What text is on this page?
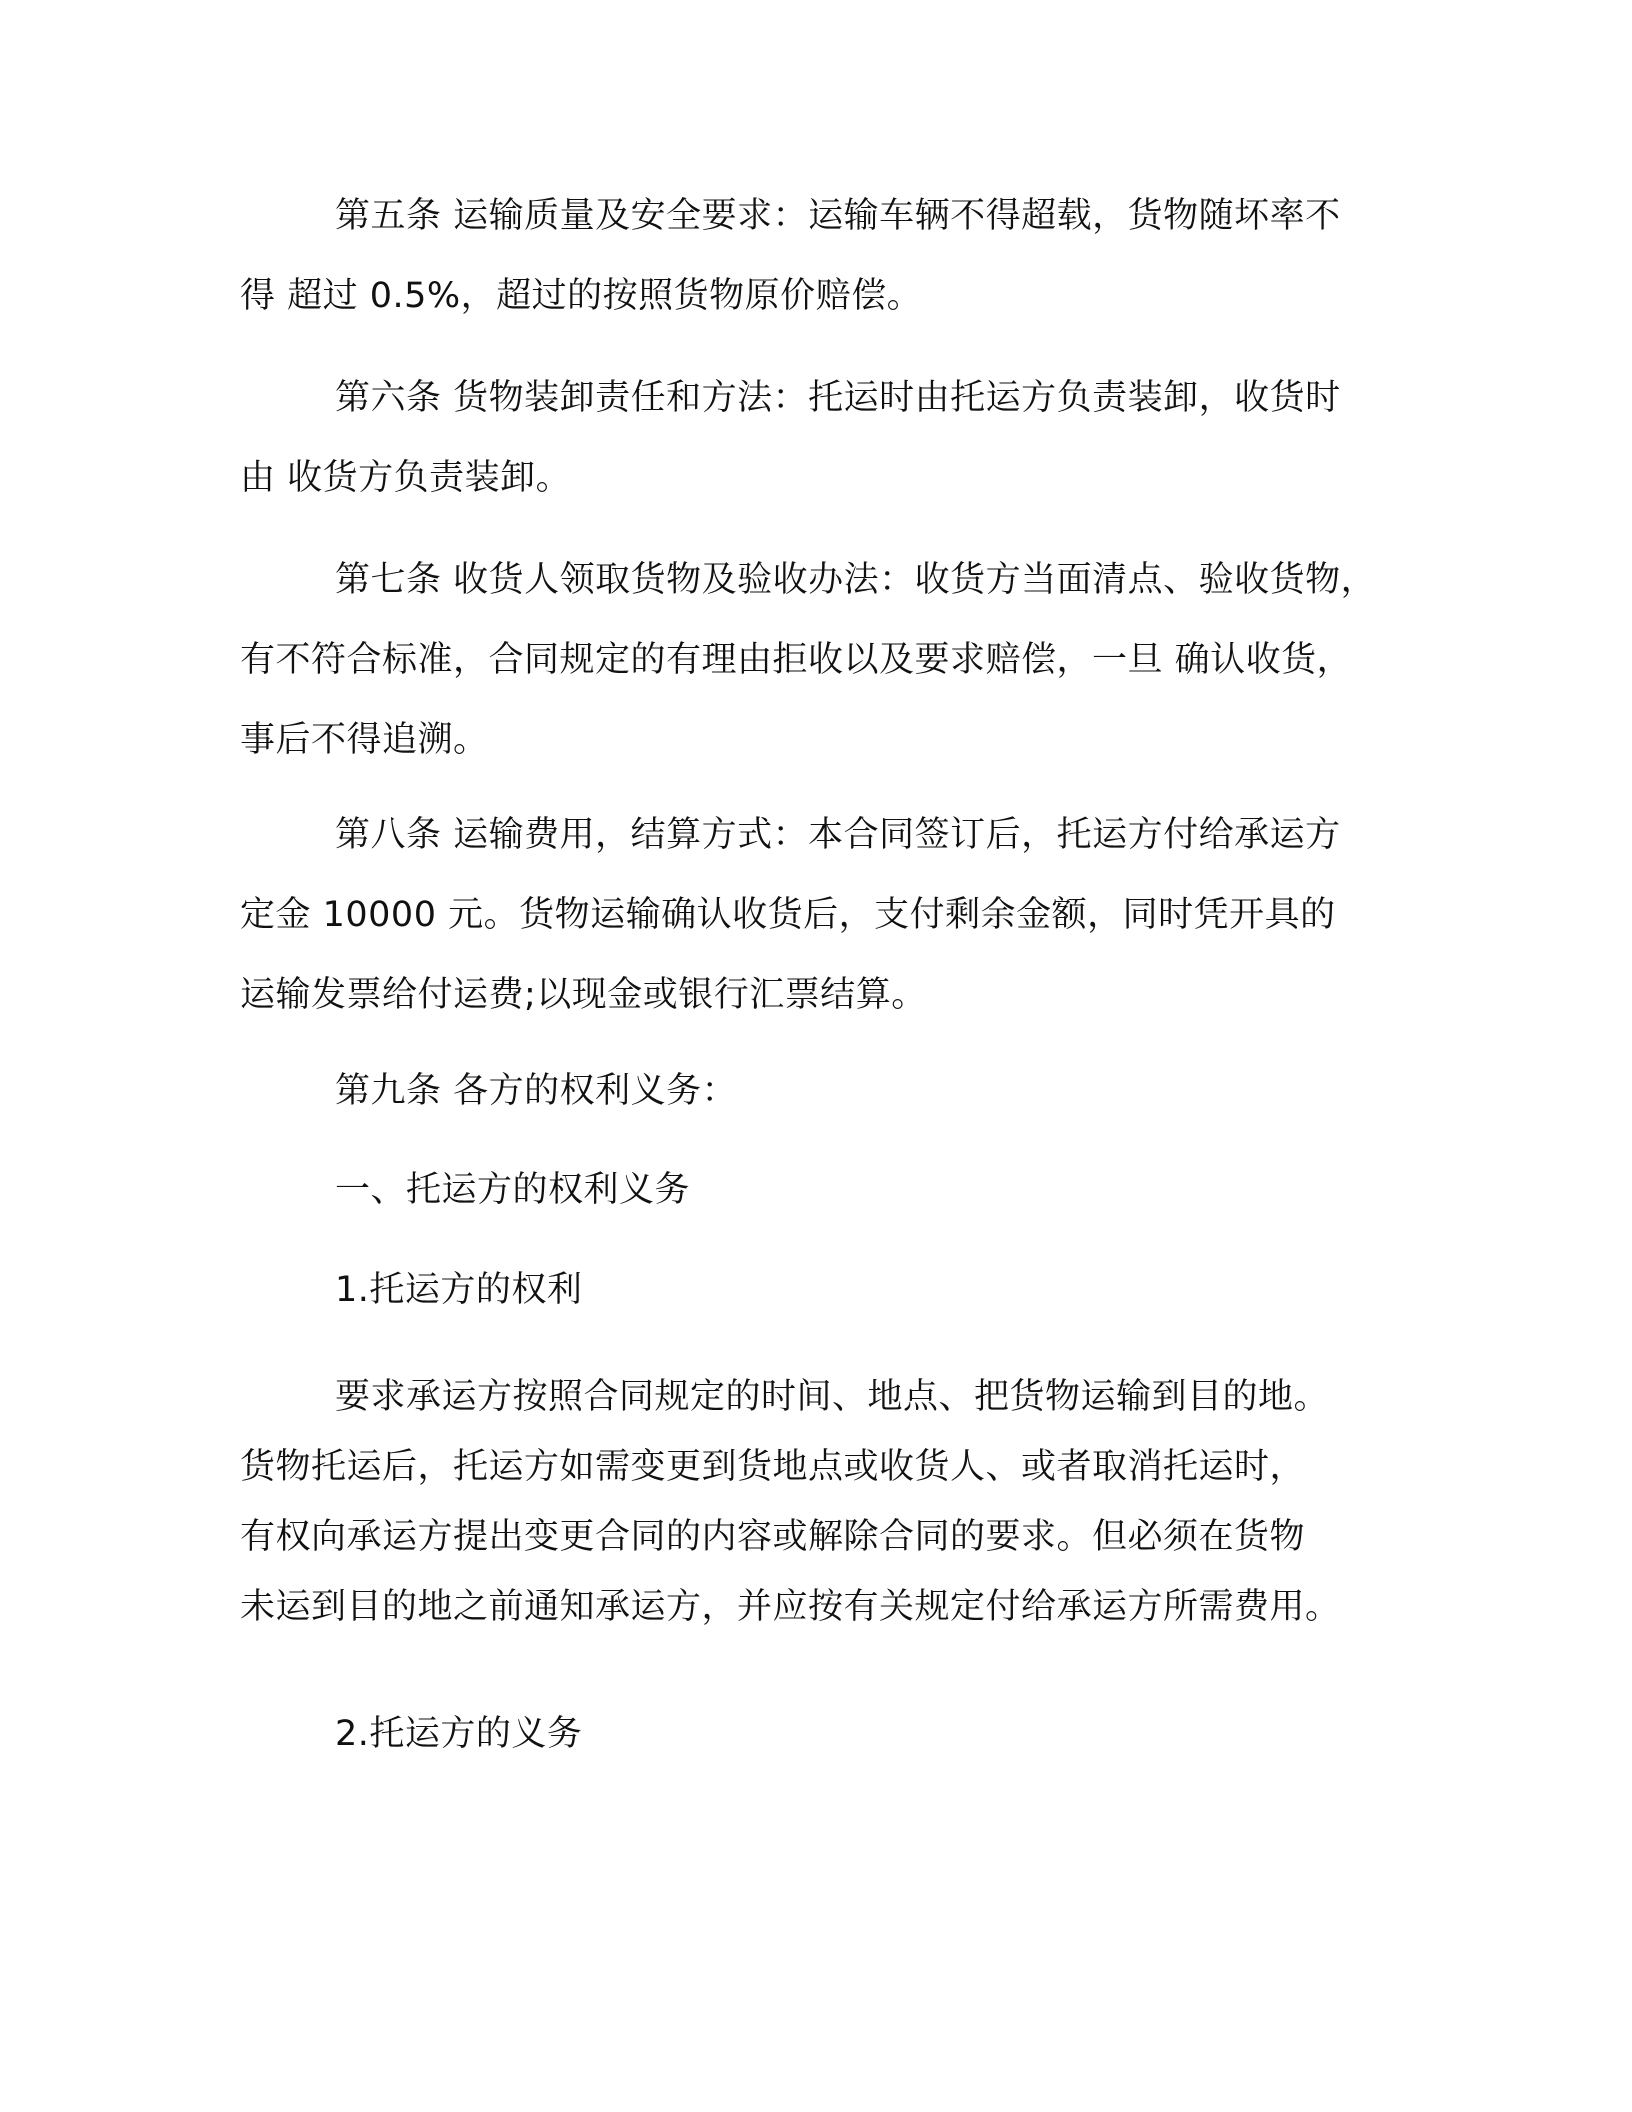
第五条 运输质量及安全要求：运输车辆不得超载，货物随坏率不
得 超过 0.5%，超过的按照货物原价赔偿。
第六条 货物装卸责任和方法：托运时由托运方负责装卸，收货时
由 收货方负责装卸。
第七条 收货人领取货物及验收办法：收货方当面清点、验收货物，
有不符合标准，合同规定的有理由拒收以及要求赔偿，一旦 确认收货，
事后不得追溯。
第八条 运输费用，结算方式：本合同签订后，托运方付给承运方
定金 10000 元。货物运输确认收货后，支付剩余金额，同时凭开具的
运输发票给付运费;以现金或银行汇票结算。
第九条 各方的权利义务：
一、托运方的权利义务
1.托运方的权利
要求承运方按照合同规定的时间、地点、把货物运输到目的地。
货物托运后，托运方如需变更到货地点或收货人、或者取消托运时，
有权向承运方提出变更合同的内容或解除合同的要求。但必须在货物
未运到目的地之前通知承运方，并应按有关规定付给承运方所需费用。
2.托运方的义务
